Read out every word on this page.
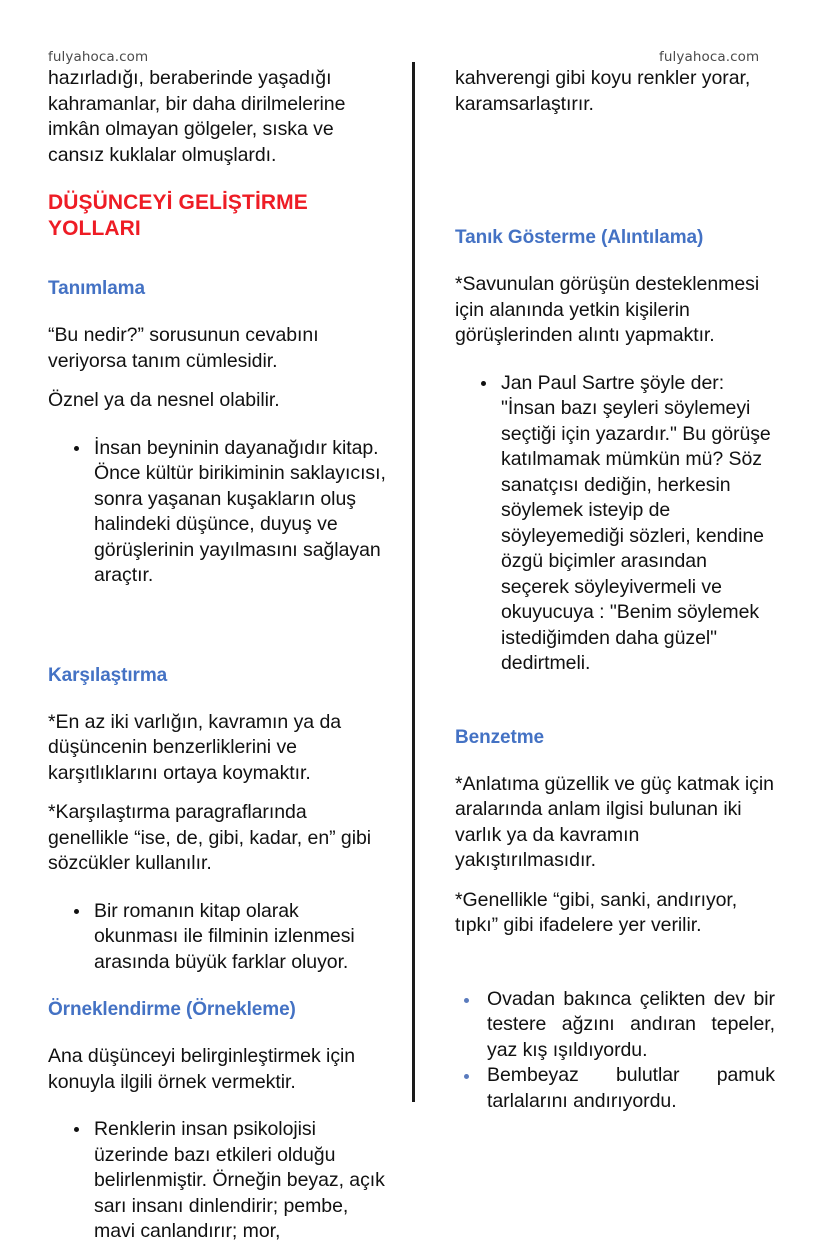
fulyahoca.com	fulyahoca.com

hazırladığı, beraberinde yaşadığı kahramanlar, bir daha dirilmelerine imkân olmayan gölgeler, sıska ve cansız kuklalar olmuşlardı.

DÜŞÜNCEYİ GELİŞTİRME YOLLARI

Tanımlama

“Bu nedir?” sorusunun cevabını veriyorsa tanım cümlesidir.

Öznel ya da nesnel olabilir.

İnsan beyninin dayanağıdır kitap. Önce kültür birikiminin saklayıcısı, sonra yaşanan kuşakların oluş halindeki düşünce, duyuş ve görüşlerinin yayılmasını sağlayan araçtır.

Karşılaştırma

*En az iki varlığın, kavramın ya da düşüncenin benzerliklerini ve karşıtlıklarını ortaya koymaktır.

*Karşılaştırma paragraflarında genellikle “ise, de, gibi, kadar, en” gibi sözcükler kullanılır.

Bir romanın kitap olarak okunması ile filminin izlenmesi arasında büyük farklar oluyor.

Örneklendirme (Örnekleme)

Ana düşünceyi belirginleştirmek için konuyla ilgili örnek vermektir.

Renklerin insan psikolojisi üzerinde bazı etkileri olduğu belirlenmiştir. Örneğin beyaz, açık sarı insanı dinlendirir; pembe, mavi canlandırır; mor,

kahverengi gibi koyu renkler yorar, karamsarlaştırır.

Tanık Gösterme (Alıntılama)

*Savunulan görüşün desteklenmesi için alanında yetkin kişilerin görüşlerinden alıntı yapmaktır.

Jan Paul Sartre şöyle der: "İnsan bazı şeyleri söylemeyi seçtiği için yazardır." Bu görüşe katılmamak mümkün mü? Söz sanatçısı dediğin, herkesin söylemek isteyip de söyleyemediği sözleri, kendine özgü biçimler arasından seçerek söyleyivermeli ve okuyucuya : "Benim söylemek istediğimden daha güzel" dedirtmeli.

Benzetme

*Anlatıma güzellik ve güç katmak için aralarında anlam ilgisi bulunan iki varlık ya da kavramın yakıştırılmasıdır.

*Genellikle “gibi, sanki, andırıyor, tıpkı” gibi ifadelere yer verilir.

Ovadan bakınca çelikten dev bir testere ağzını andıran tepeler, yaz kış ışıldıyordu.
Bembeyaz bulutlar pamuk tarlalarını andırıyordu.
